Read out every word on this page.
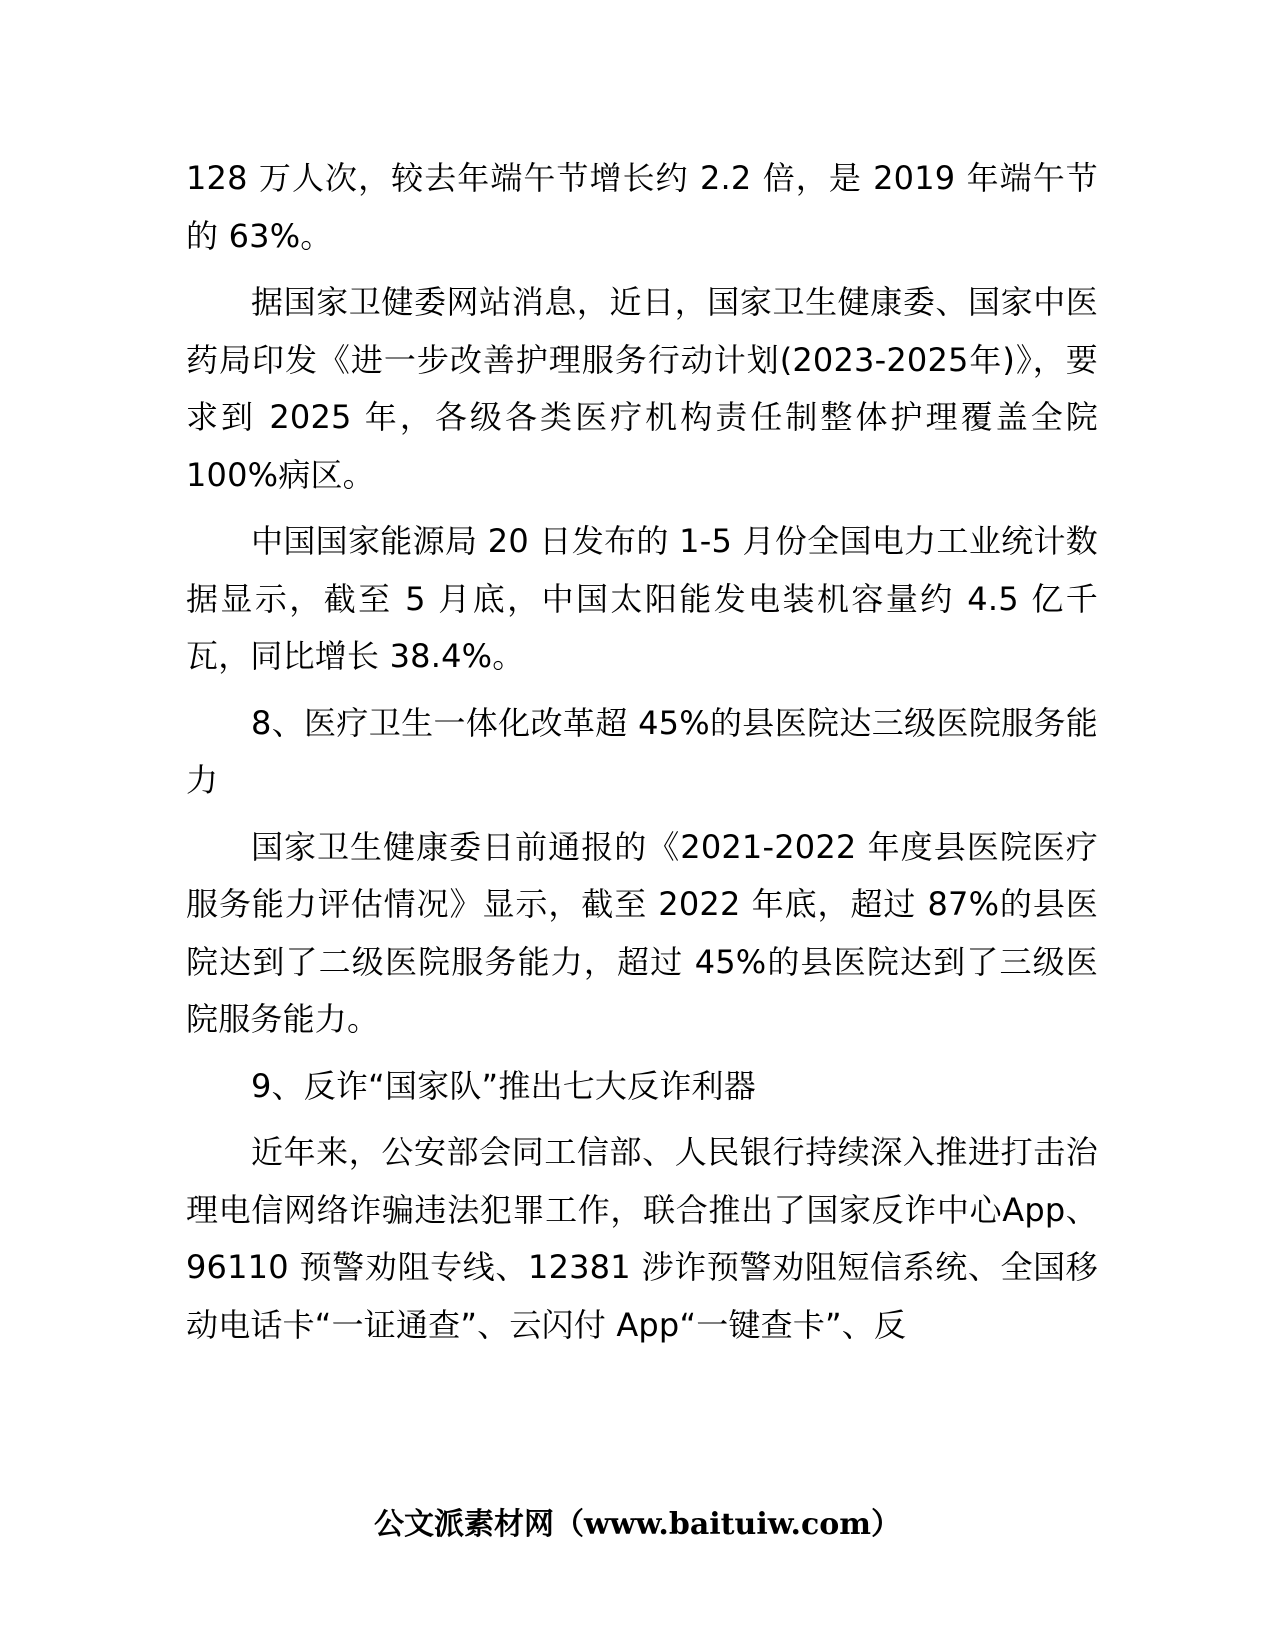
128 万人次，较去年端午节增长约 2.2 倍，是 2019 年端午节的 63%。

据国家卫健委网站消息，近日，国家卫生健康委、国家中医药局印发《进一步改善护理服务行动计划(2023-2025年)》，要求到 2025 年，各级各类医疗机构责任制整体护理覆盖全院 100%病区。

中国国家能源局 20 日发布的 1-5 月份全国电力工业统计数据显示，截至 5 月底，中国太阳能发电装机容量约 4.5 亿千瓦，同比增长 38.4%。

8、医疗卫生一体化改革超 45%的县医院达三级医院服务能力

国家卫生健康委日前通报的《2021-2022 年度县医院医疗服务能力评估情况》显示，截至 2022 年底，超过 87%的县医院达到了二级医院服务能力，超过 45%的县医院达到了三级医院服务能力。

9、反诈“国家队”推出七大反诈利器

近年来，公安部会同工信部、人民银行持续深入推进打击治理电信网络诈骗违法犯罪工作，联合推出了国家反诈中心App、96110 预警劝阻专线、12381 涉诈预警劝阻短信系统、全国移动电话卡“一证通查”、云闪付 App“一键查卡”、反

公文派素材网（www.baituiw.com）
